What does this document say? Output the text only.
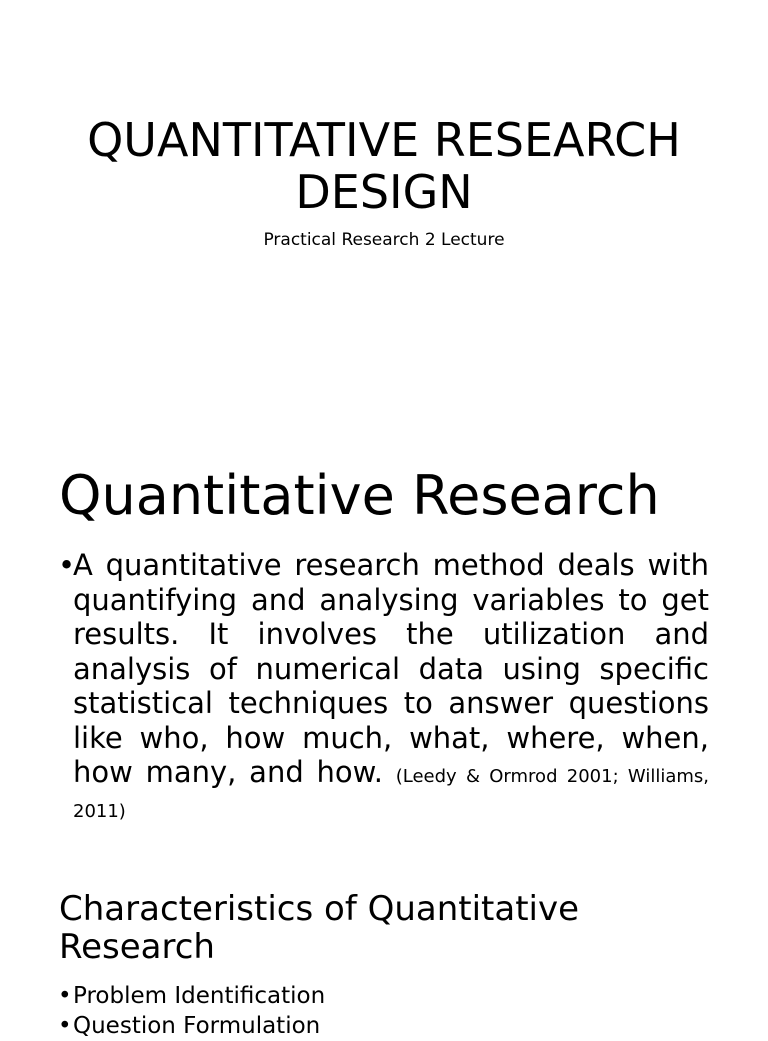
QUANTITATIVE RESEARCH DESIGN

Practical Research 2 Lecture

Quantitative Research
•
A quantitative research method deals with quantifying and analysing variables to get results. It involves the utilization and analysis of numerical data using specific statistical techniques to answer questions like who, how much, what, where, when, how many, and how. (Leedy & Ormrod 2001; Williams, 2011)
Characteristics of Quantitative Research
• Problem Identification
• Question Formulation
